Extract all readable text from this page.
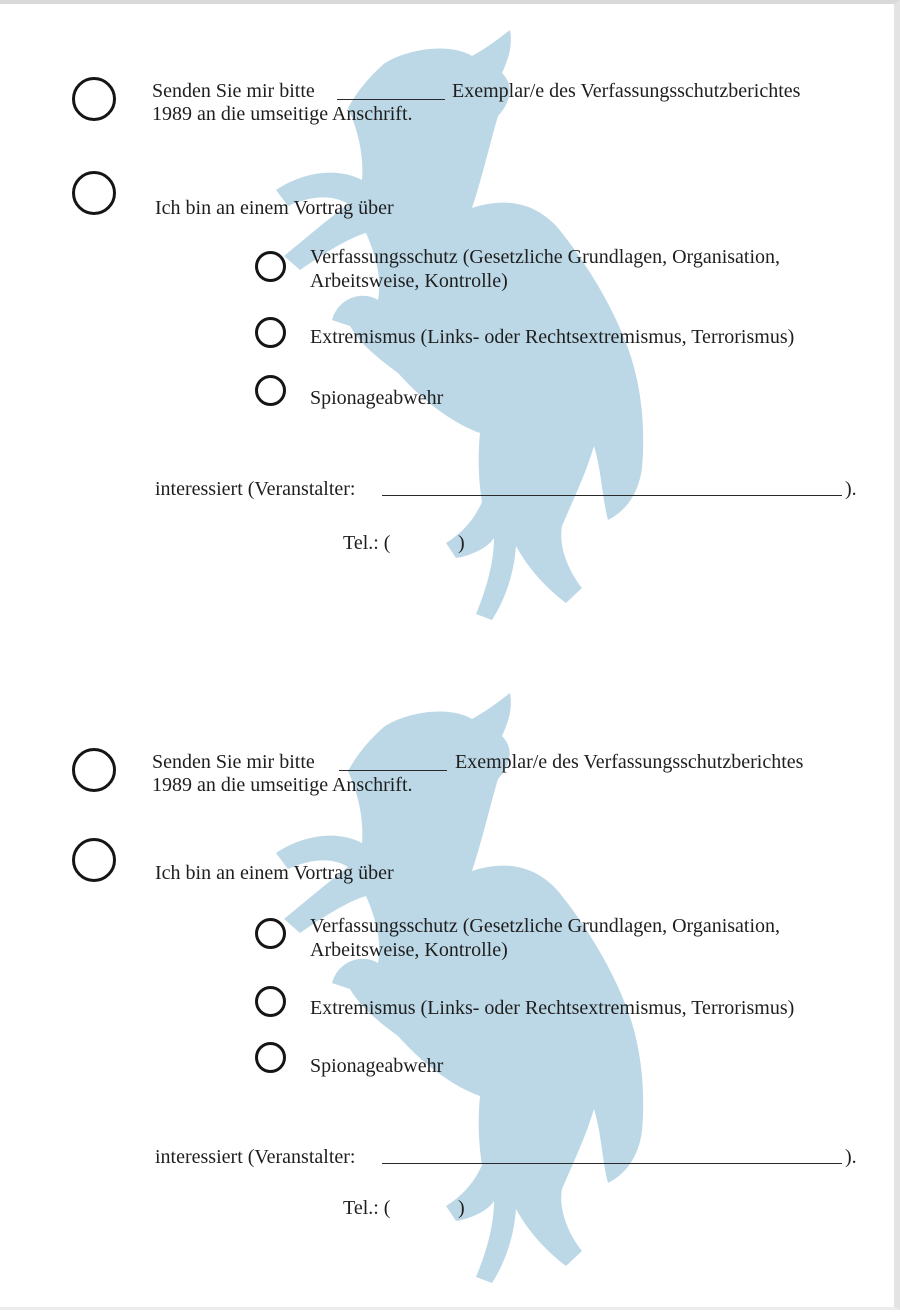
Senden Sie mir bitte	Exemplar/e des Verfassungsschutzberichtes
1989 an die umseitige Anschrift.
Ich bin an einem Vortrag über
Verfassungsschutz (Gesetzliche Grundlagen, Organisation,
Arbeitsweise, Kontrolle)
Extremismus (Links- oder Rechtsextremismus, Terrorismus)
Spionageabwehr
interessiert (Veranstalter:	).
Tel.: (	)
Senden Sie mir bitte	Exemplar/e des Verfassungsschutzberichtes
1989 an die umseitige Anschrift.
Ich bin an einem Vortrag über
Verfassungsschutz (Gesetzliche Grundlagen, Organisation,
Arbeitsweise, Kontrolle)
Extremismus (Links- oder Rechtsextremismus, Terrorismus)
Spionageabwehr
interessiert (Veranstalter:	).
Tel.: (	)
